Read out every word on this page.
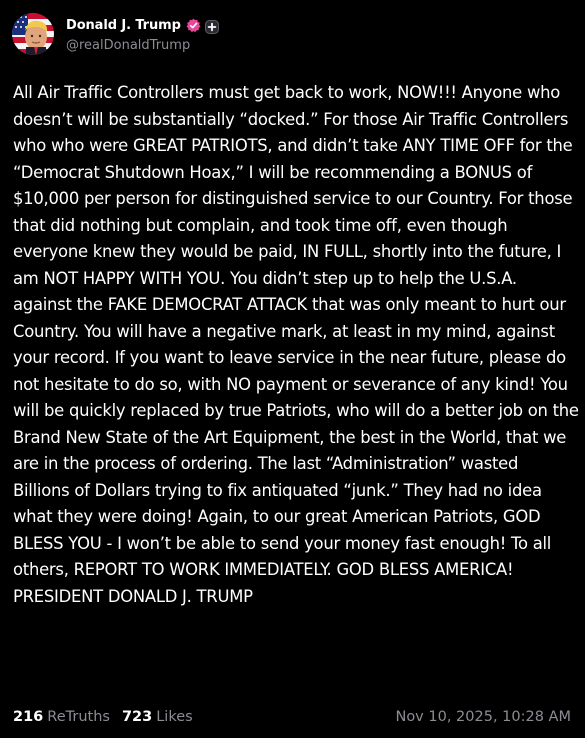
Donald J. Trump
@realDonaldTrump

All Air Traffic Controllers must get back to work, NOW!!! Anyone who doesn’t will be substantially “docked.” For those Air Traffic Controllers who who were GREAT PATRIOTS, and didn’t take ANY TIME OFF for the “Democrat Shutdown Hoax,” I will be recommending a BONUS of $10,000 per person for distinguished service to our Country. For those that did nothing but complain, and took time off, even though everyone knew they would be paid, IN FULL, shortly into the future, I am NOT HAPPY WITH YOU. You didn’t step up to help the U.S.A. against the FAKE DEMOCRAT ATTACK that was only meant to hurt our Country. You will have a negative mark, at least in my mind, against your record. If you want to leave service in the near future, please do not hesitate to do so, with NO payment or severance of any kind! You will be quickly replaced by true Patriots, who will do a better job on the Brand New State of the Art Equipment, the best in the World, that we are in the process of ordering. The last “Administration” wasted Billions of Dollars trying to fix antiquated “junk.” They had no idea what they were doing! Again, to our great American Patriots, GOD BLESS YOU - I won’t be able to send your money fast enough! To all others, REPORT TO WORK IMMEDIATELY. GOD BLESS AMERICA! PRESIDENT DONALD J. TRUMP

216 ReTruths 723 Likes	Nov 10, 2025, 10:28 AM
